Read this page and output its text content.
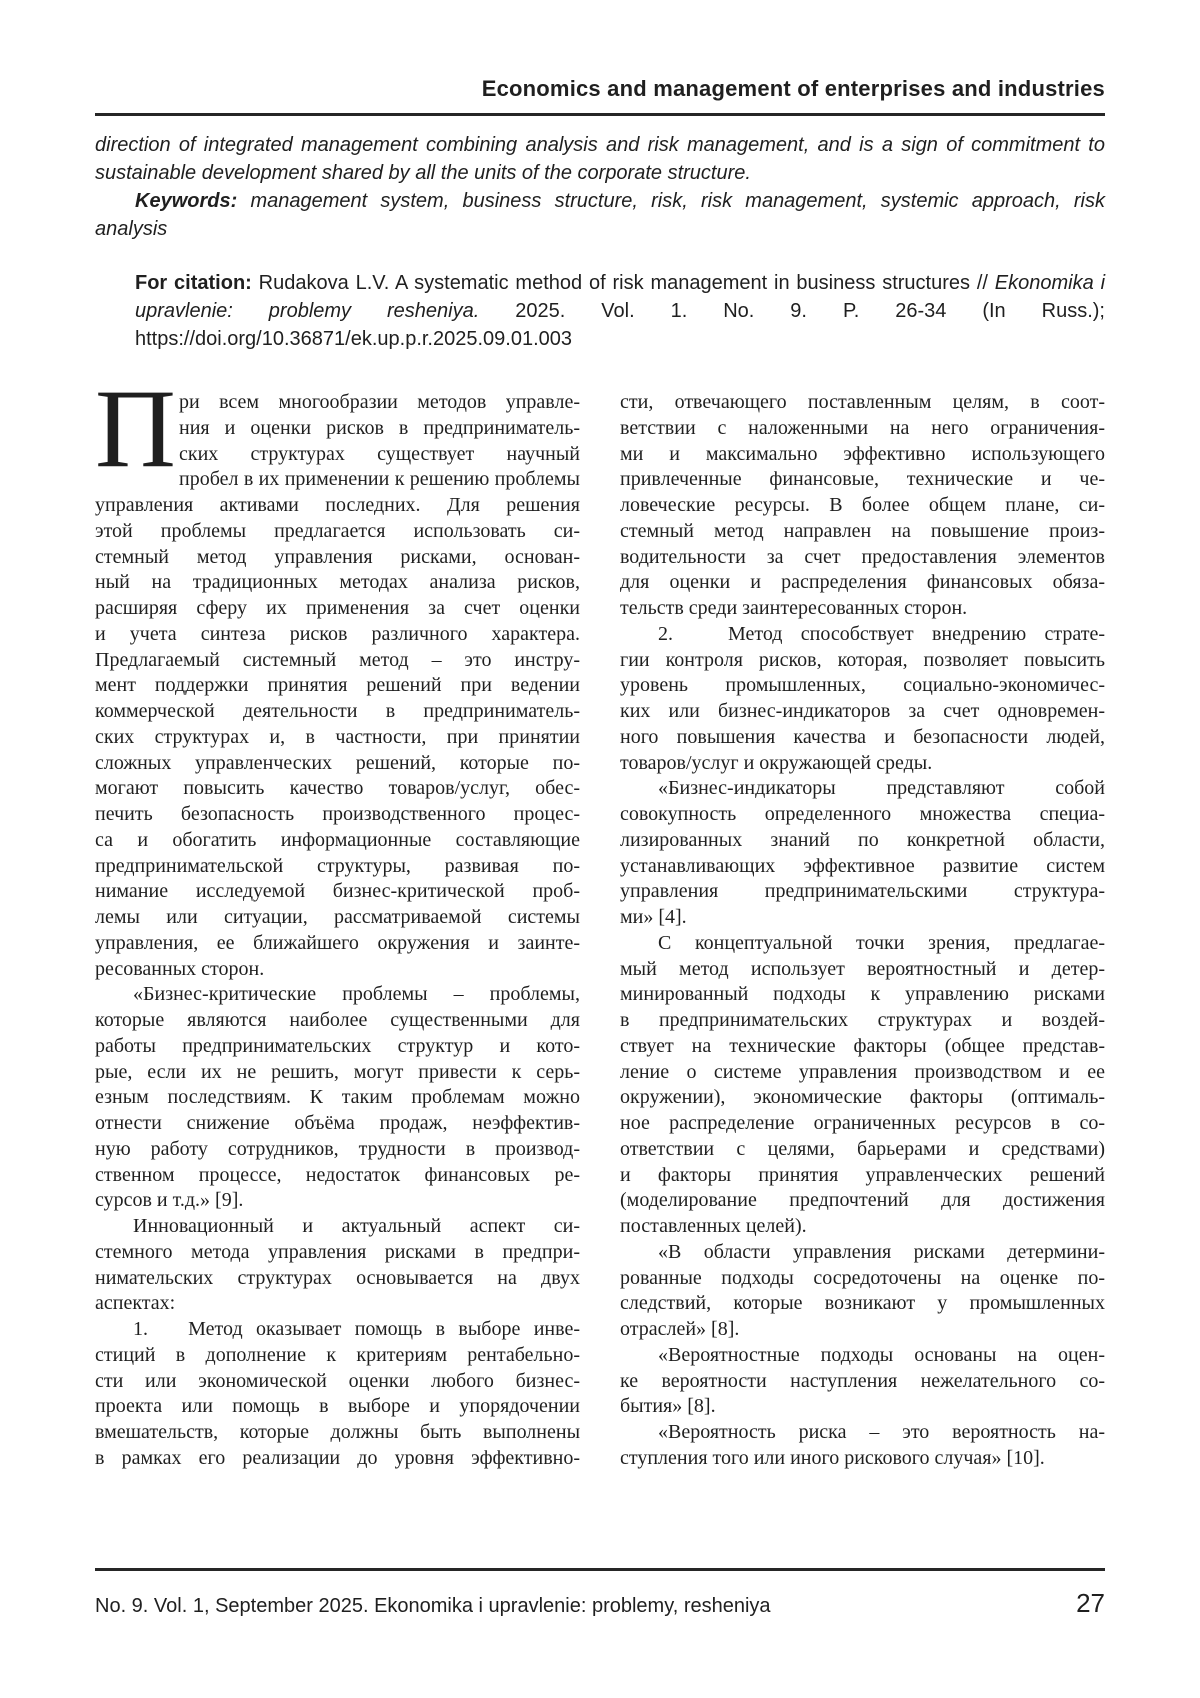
Economics and management of enterprises and industries

direction of integrated management combining analysis and risk management, and is a sign of commitment to sustainable development shared by all the units of the corporate structure.

Keywords: management system, business structure, risk, risk management, systemic approach, risk analysis

For citation: Rudakova L.V. A systematic method of risk management in business structures // Ekonomika i upravlenie: problemy resheniya. 2025. Vol. 1. No. 9. P. 26-34 (In Russ.); https://doi.org/10.36871/ek.up.p.r.2025.09.01.003

П ри всем многообразии методов управле-
ния и оценки рисков в предприниматель-
ских структурах существует научный
пробел в их применении к решению проблемы
управления активами последних. Для решения
этой проблемы предлагается использовать си-
стемный метод управления рисками, основан-
ный на традиционных методах анализа рисков,
расширяя сферу их применения за счет оценки
и учета синтеза рисков различного характера.
Предлагаемый системный метод – это инстру-
мент поддержки принятия решений при ведении
коммерческой деятельности в предприниматель-
ских структурах и, в частности, при принятии
сложных управленческих решений, которые по-
могают повысить качество товаров/услуг, обес-
печить безопасность производственного процес-
са и обогатить информационные составляющие
предпринимательской структуры, развивая по-
нимание исследуемой бизнес-критической проб-
лемы или ситуации, рассматриваемой системы
управления, ее ближайшего окружения и заинте-
ресованных сторон.
«Бизнес-критические проблемы – проблемы,
которые являются наиболее существенными для
работы предпринимательских структур и кото-
рые, если их не решить, могут привести к серь-
езным последствиям. К таким проблемам можно
отнести снижение объёма продаж, неэффектив-
ную работу сотрудников, трудности в производ-
ственном процессе, недостаток финансовых ре-
сурсов и т.д.» [9].
Инновационный и актуальный аспект си-
стемного метода управления рисками в предпри-
нимательских структурах основывается на двух
аспектах:
1.   Метод оказывает помощь в выборе инве-
стиций в дополнение к критериям рентабельно-
сти или экономической оценки любого бизнес-
проекта или помощь в выборе и упорядочении
вмешательств, которые должны быть выполнены
в рамках его реализации до уровня эффективно-
сти, отвечающего поставленным целям, в соот-
ветствии с наложенными на него ограничения-
ми и максимально эффективно использующего
привлеченные финансовые, технические и че-
ловеческие ресурсы. В более общем плане, си-
стемный метод направлен на повышение произ-
водительности за счет предоставления элементов
для оценки и распределения финансовых обяза-
тельств среди заинтересованных сторон.
2.   Метод способствует внедрению страте-
гии контроля рисков, которая, позволяет повысить
уровень промышленных, социально-экономичес-
ких или бизнес-индикаторов за счет одновремен-
ного повышения качества и безопасности людей,
товаров/услуг и окружающей среды.
«Бизнес-индикаторы представляют собой
совокупность определенного множества специа-
лизированных знаний по конкретной области,
устанавливающих эффективное развитие систем
управления предпринимательскими структура-
ми» [4].
С концептуальной точки зрения, предлагае-
мый метод использует вероятностный и детер-
минированный подходы к управлению рисками
в предпринимательских структурах и воздей-
ствует на технические факторы (общее представ-
ление о системе управления производством и ее
окружении), экономические факторы (оптималь-
ное распределение ограниченных ресурсов в со-
ответствии с целями, барьерами и средствами)
и факторы принятия управленческих решений
(моделирование предпочтений для достижения
поставленных целей).
«В области управления рисками детермини-
рованные подходы сосредоточены на оценке по-
следствий, которые возникают у промышленных
отраслей» [8].
«Вероятностные подходы основаны на оцен-
ке вероятности наступления нежелательного со-
бытия» [8].
«Вероятность риска – это вероятность на-
ступления того или иного рискового случая» [10].
No. 9. Vol. 1, September 2025. Ekonomika i upravlenie: problemy, resheniya	27
